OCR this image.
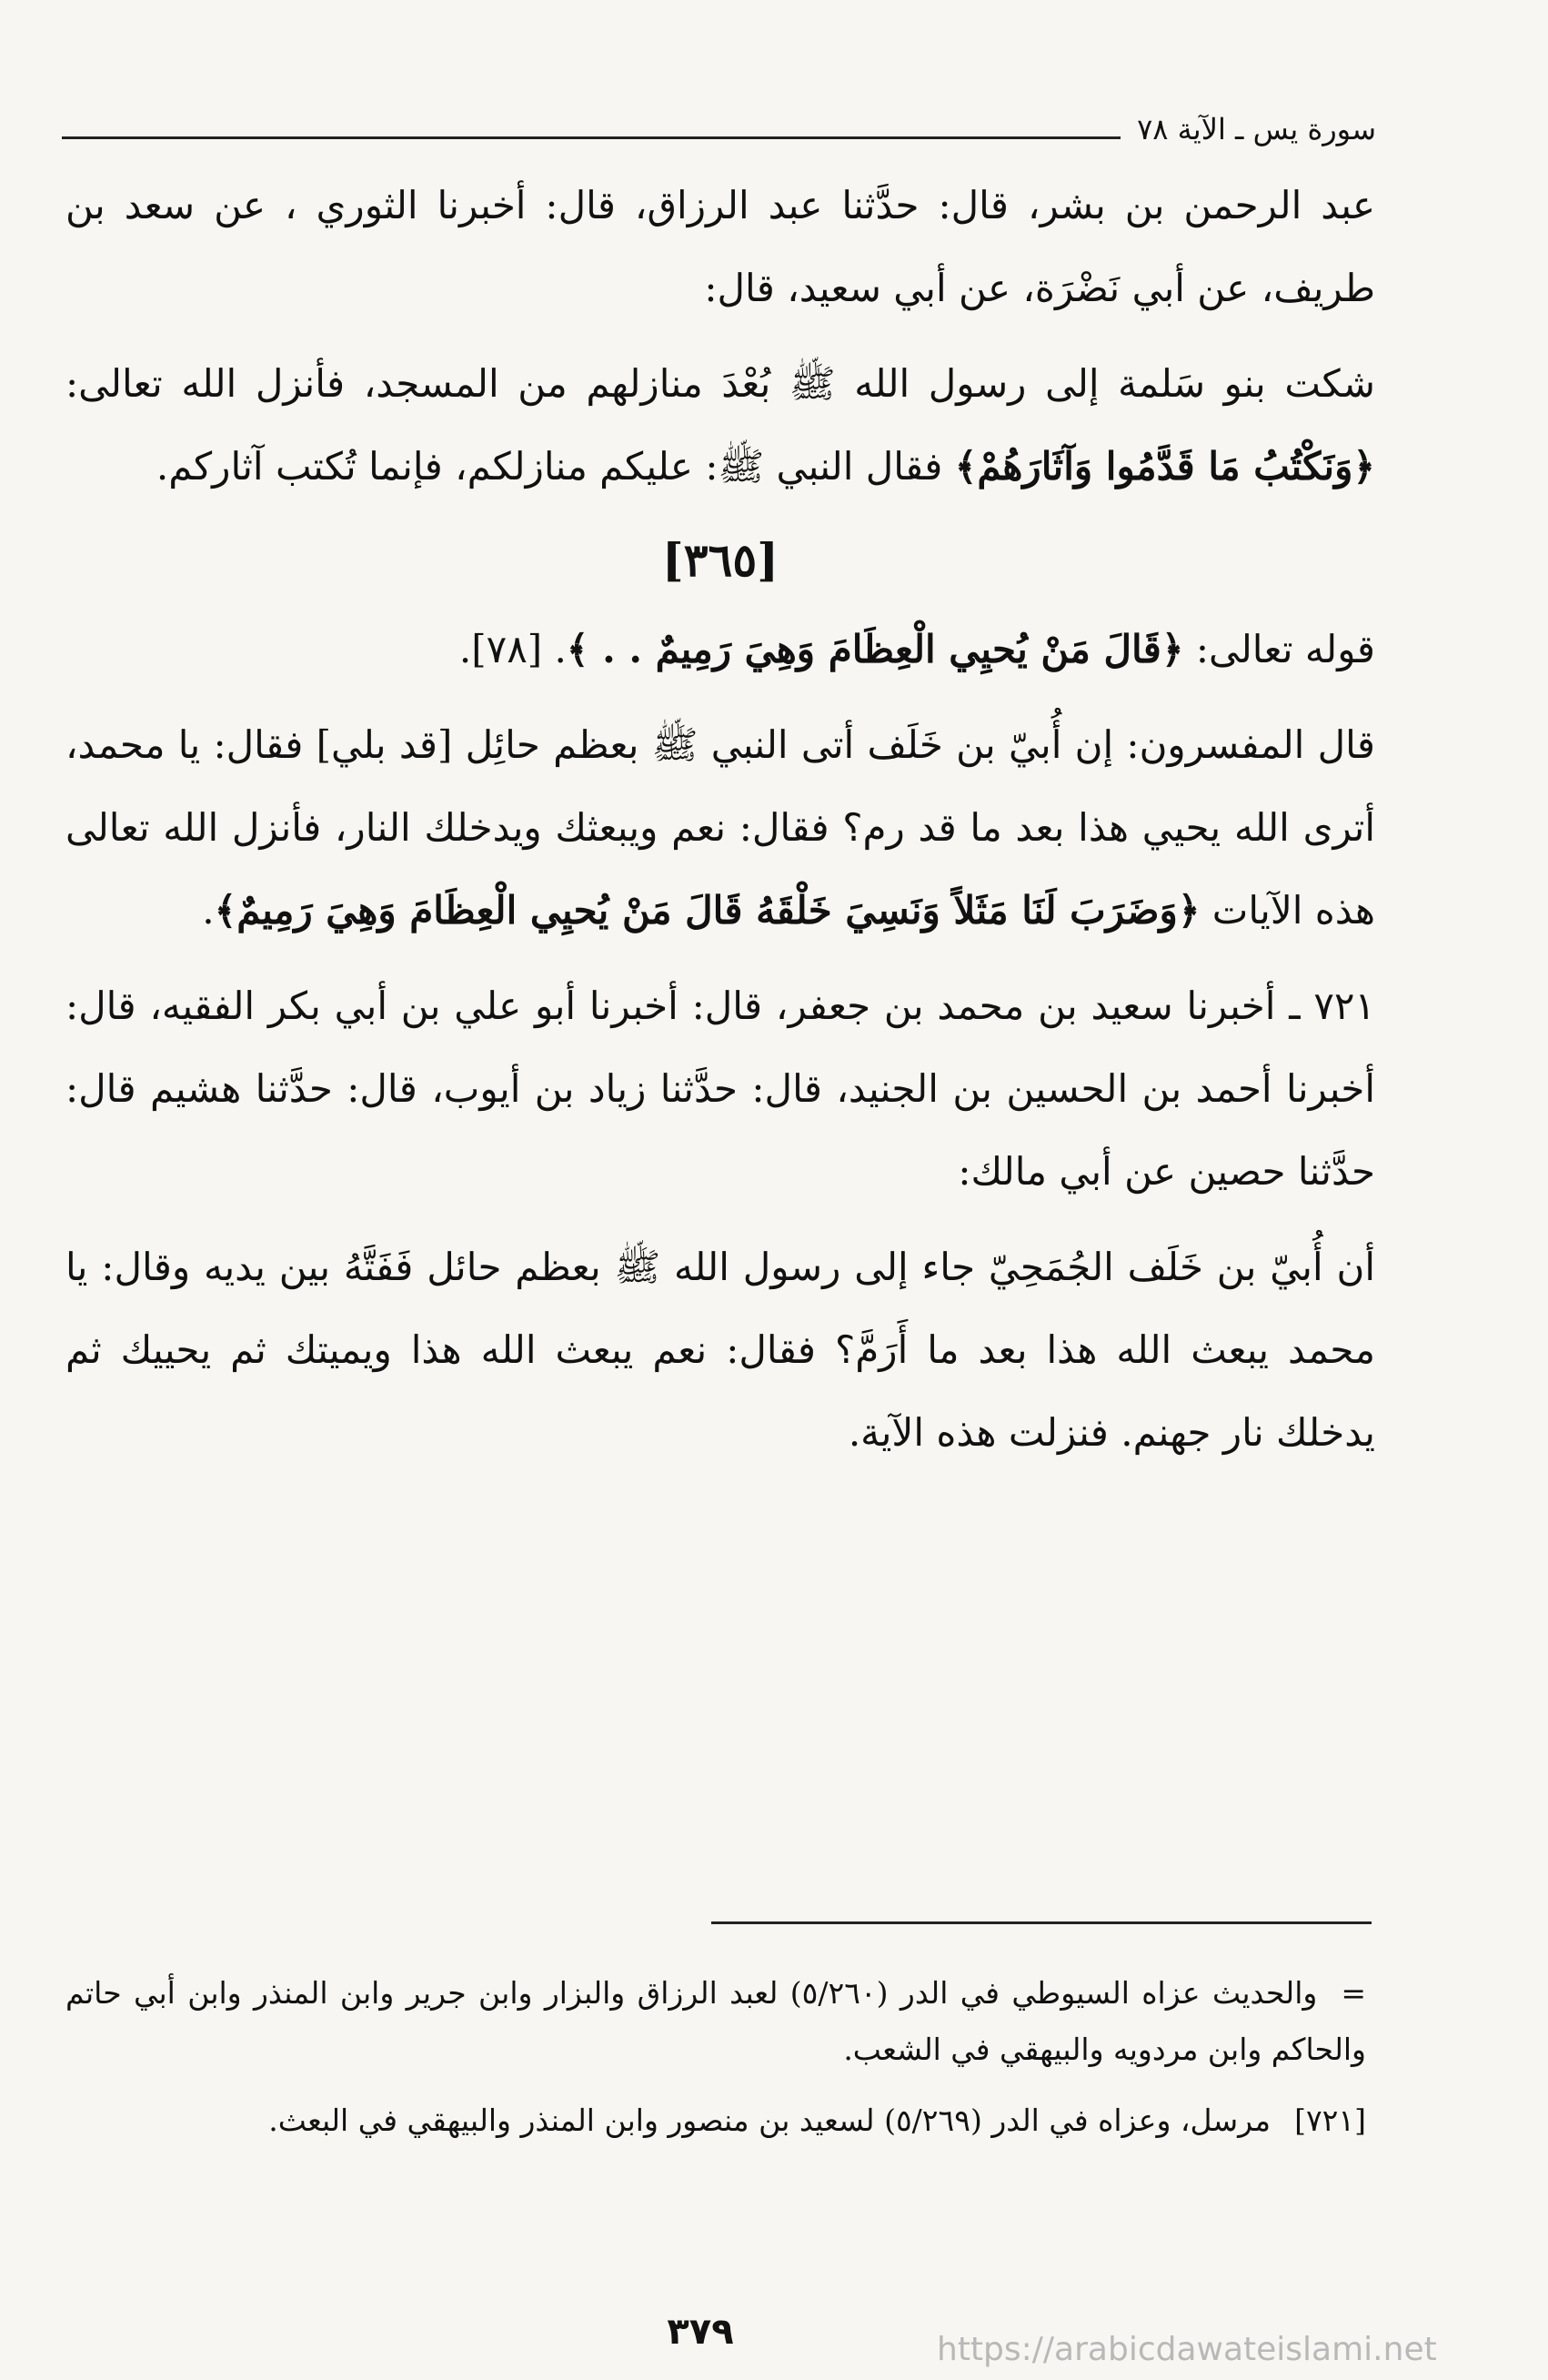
سورة يس ـ الآية ٧٨

عبد الرحمن بن بشر، قال: حدَّثنا عبد الرزاق، قال: أخبرنا الثوري ، عن سعد بن طريف، عن أبي نَضْرَة، عن أبي سعيد، قال:

شكت بنو سَلمة إلى رسول الله ﷺ بُعْدَ منازلهم من المسجد، فأنزل الله تعالى: ﴿وَنَكْتُبُ مَا قَدَّمُوا وَآثَارَهُمْ﴾ فقال النبي ﷺ: عليكم منازلكم، فإنما تُكتب آثاركم.

[٣٦٥]

قوله تعالى: ﴿قَالَ مَنْ يُحيِي الْعِظَامَ وَهِيَ رَمِيمٌ . . ﴾. [٧٨].

قال المفسرون: إن أُبيّ بن خَلَف أتى النبي ﷺ بعظم حائِل [قد بلي] فقال: يا محمد، أترى الله يحيي هذا بعد ما قد رم؟ فقال: نعم ويبعثك ويدخلك النار، فأنزل الله تعالى هذه الآيات ﴿وَضَرَبَ لَنَا مَثَلاً وَنَسِيَ خَلْقَهُ قَالَ مَنْ يُحيِي الْعِظَامَ وَهِيَ رَمِيمٌ﴾.

٧٢١ ـ أخبرنا سعيد بن محمد بن جعفر، قال: أخبرنا أبو علي بن أبي بكر الفقيه، قال: أخبرنا أحمد بن الحسين بن الجنيد، قال: حدَّثنا زياد بن أيوب، قال: حدَّثنا هشيم قال: حدَّثنا حصين عن أبي مالك:

أن أُبيّ بن خَلَف الجُمَحِيّ جاء إلى رسول الله ﷺ بعظم حائل فَفَتَّهُ بين يديه وقال: يا محمد يبعث الله هذا بعد ما أَرَمَّ؟ فقال: نعم يبعث الله هذا ويميتك ثم يحييك ثم يدخلك نار جهنم. فنزلت هذه الآية.

=والحديث عزاه السيوطي في الدر (٥/٢٦٠) لعبد الرزاق والبزار وابن جرير وابن المنذر وابن أبي حاتم والحاكم وابن مردويه والبيهقي في الشعب.

[٧٢١]مرسل، وعزاه في الدر (٥/٢٦٩) لسعيد بن منصور وابن المنذر والبيهقي في البعث.

٣٧٩	https://arabicdawateislami.net
